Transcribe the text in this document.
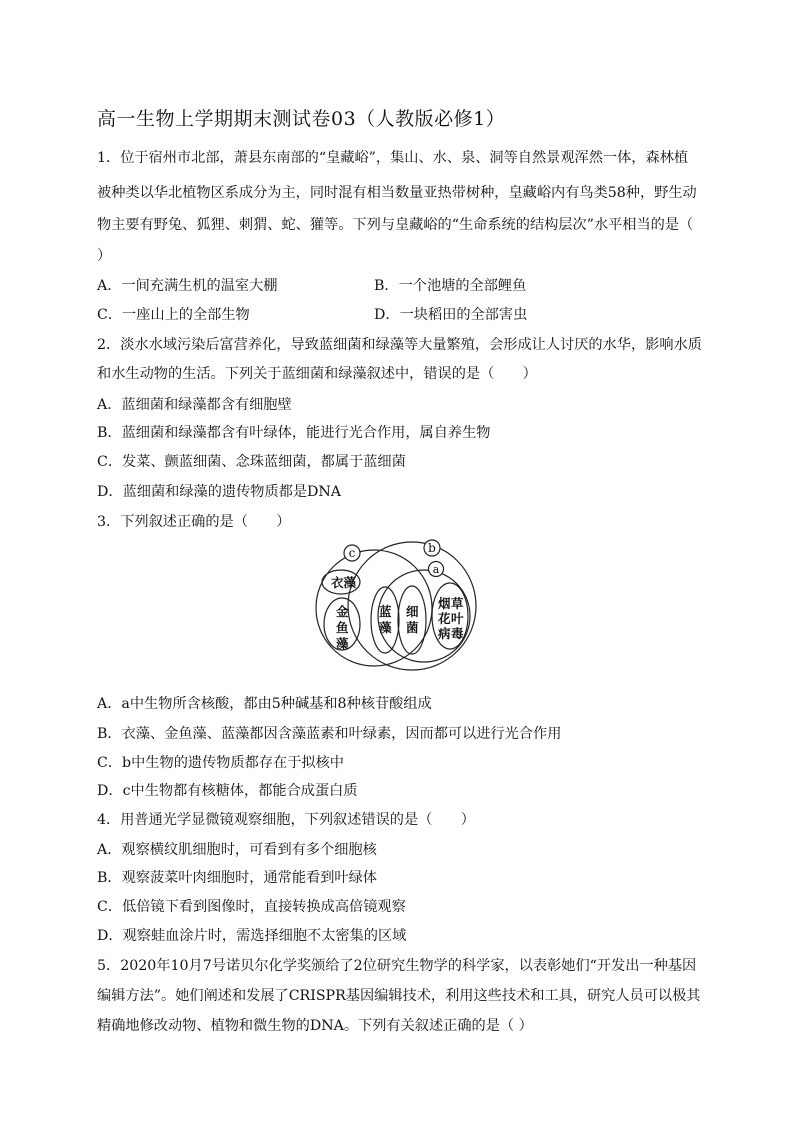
高一生物上学期期末测试卷03（人教版必修1）
1．位于宿州市北部，萧县东南部的“皇藏峪”，集山、水、泉、洞等自然景观浑然一体，森林植
被种类以华北植物区系成分为主，同时混有相当数量亚热带树种，皇藏峪内有鸟类58种，野生动
物主要有野兔、狐狸、刺猬、蛇、獾等。下列与皇藏峪的“生命系统的结构层次”水平相当的是（
）
A．一间充满生机的温室大棚	B．一个池塘的全部鲤鱼
C．一座山上的全部生物	D．一块稻田的全部害虫
2．淡水水域污染后富营养化，导致蓝细菌和绿藻等大量繁殖，会形成让人讨厌的水华，影响水质
和水生动物的生活。下列关于蓝细菌和绿藻叙述中，错误的是（　　）
A．蓝细菌和绿藻都含有细胞壁
B．蓝细菌和绿藻都含有叶绿体，能进行光合作用，属自养生物
C．发菜、颤蓝细菌、念珠蓝细菌，都属于蓝细菌
D．蓝细菌和绿藻的遗传物质都是DNA
3．下列叙述正确的是（　　）
c	b
a
衣藻
金
鱼
藻
蓝
藻
细
菌
烟
花
病
草
叶
毒
A．a中生物所含核酸，都由5种碱基和8种核苷酸组成
B．衣藻、金鱼藻、蓝藻都因含藻蓝素和叶绿素，因而都可以进行光合作用
C．b中生物的遗传物质都存在于拟核中
D．c中生物都有核糖体，都能合成蛋白质
4．用普通光学显微镜观察细胞，下列叙述错误的是（　　）
A．观察横纹肌细胞时，可看到有多个细胞核
B．观察菠菜叶肉细胞时，通常能看到叶绿体
C．低倍镜下看到图像时，直接转换成高倍镜观察
D．观察蛙血涂片时，需选择细胞不太密集的区域
5．2020年10月7号诺贝尔化学奖颁给了2位研究生物学的科学家，以表彰她们“开发出一种基因
编辑方法”。她们阐述和发展了CRISPR基因编辑技术，利用这些技术和工具，研究人员可以极其
精确地修改动物、植物和微生物的DNA。下列有关叙述正确的是（ ）
